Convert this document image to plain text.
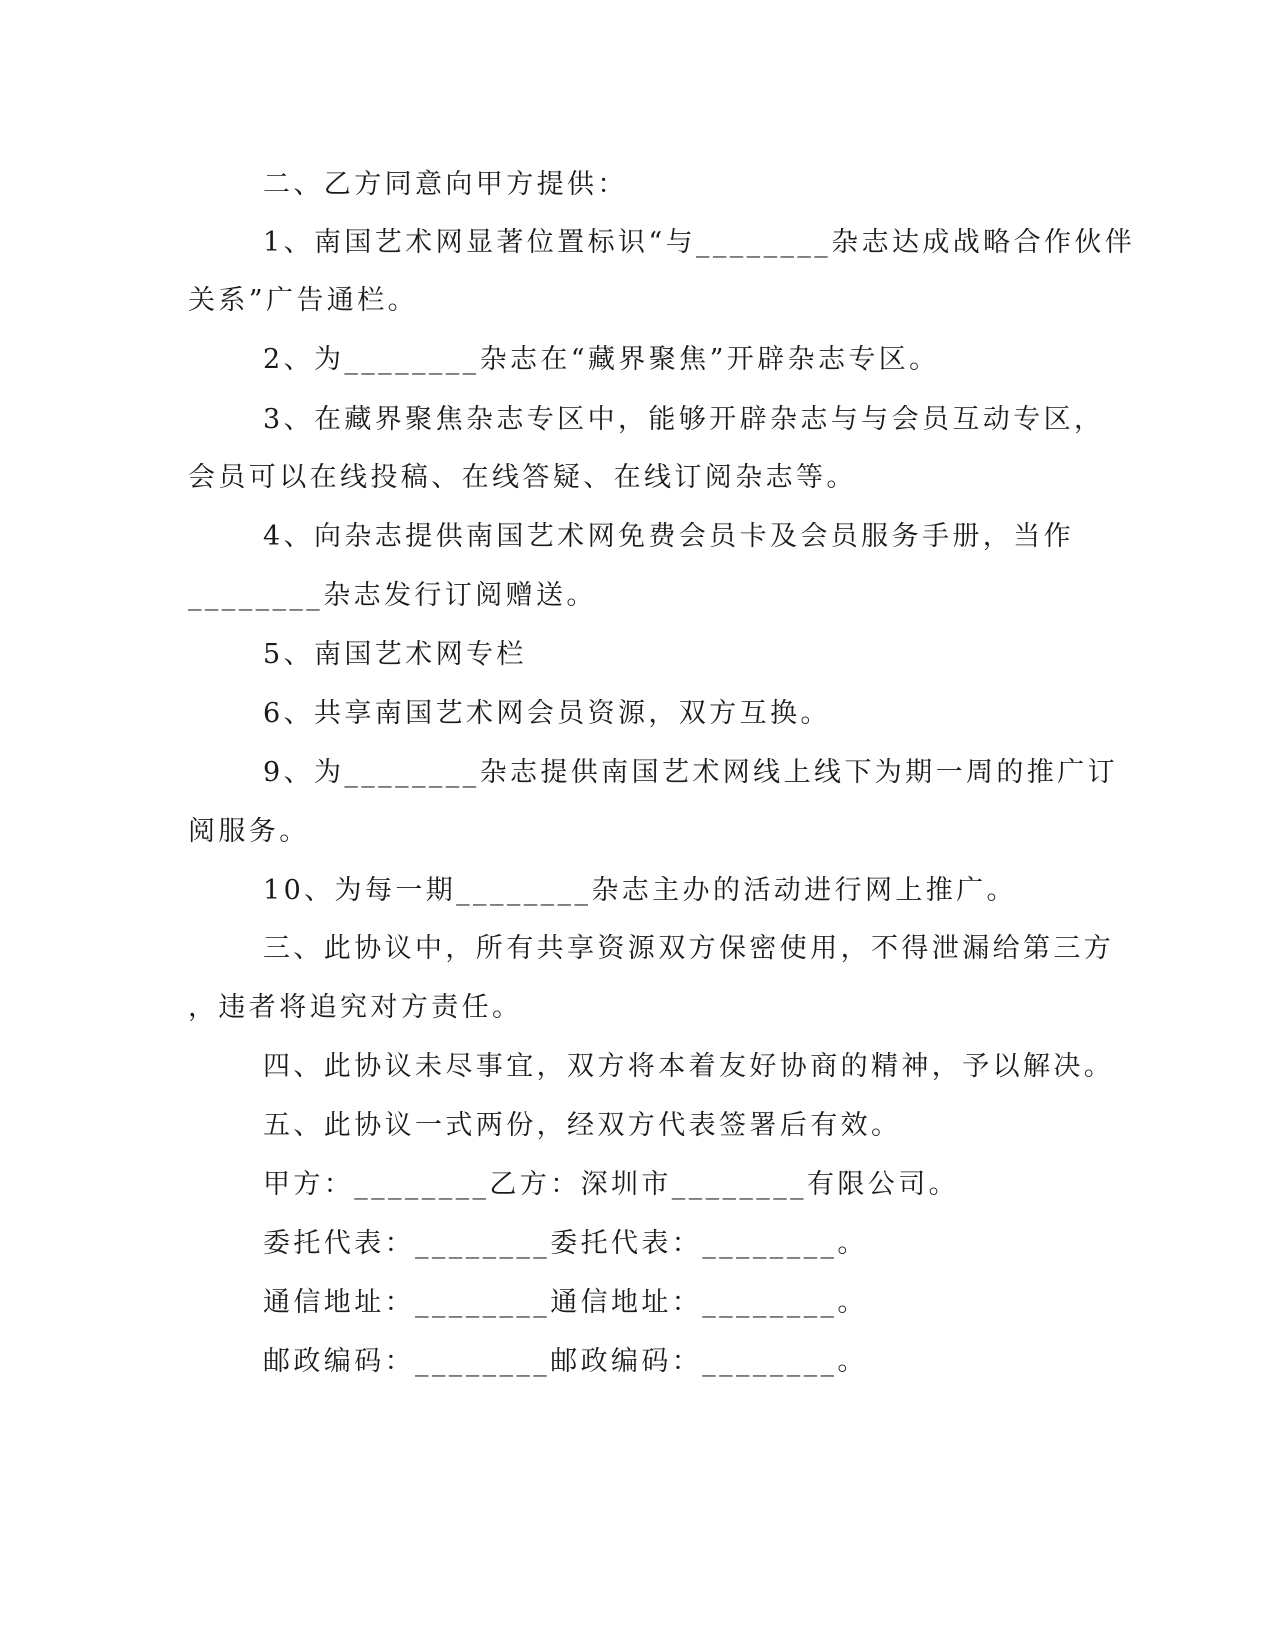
二、乙方同意向甲方提供：
1、南国艺术网显著位置标识“与________杂志达成战略合作伙伴
关系”广告通栏。
2、为________杂志在“藏界聚焦”开辟杂志专区。
3、在藏界聚焦杂志专区中，能够开辟杂志与与会员互动专区，
会员可以在线投稿、在线答疑、在线订阅杂志等。
4、向杂志提供南国艺术网免费会员卡及会员服务手册，当作
________杂志发行订阅赠送。
5、南国艺术网专栏
6、共享南国艺术网会员资源，双方互换。
9、为________杂志提供南国艺术网线上线下为期一周的推广订
阅服务。
10、为每一期________杂志主办的活动进行网上推广。
三、此协议中，所有共享资源双方保密使用，不得泄漏给第三方
，违者将追究对方责任。
四、此协议未尽事宜，双方将本着友好协商的精神，予以解决。
五、此协议一式两份，经双方代表签署后有效。
甲方：________乙方：深圳市________有限公司。
委托代表：________委托代表：________。
通信地址：________通信地址：________。
邮政编码：________邮政编码：________。
